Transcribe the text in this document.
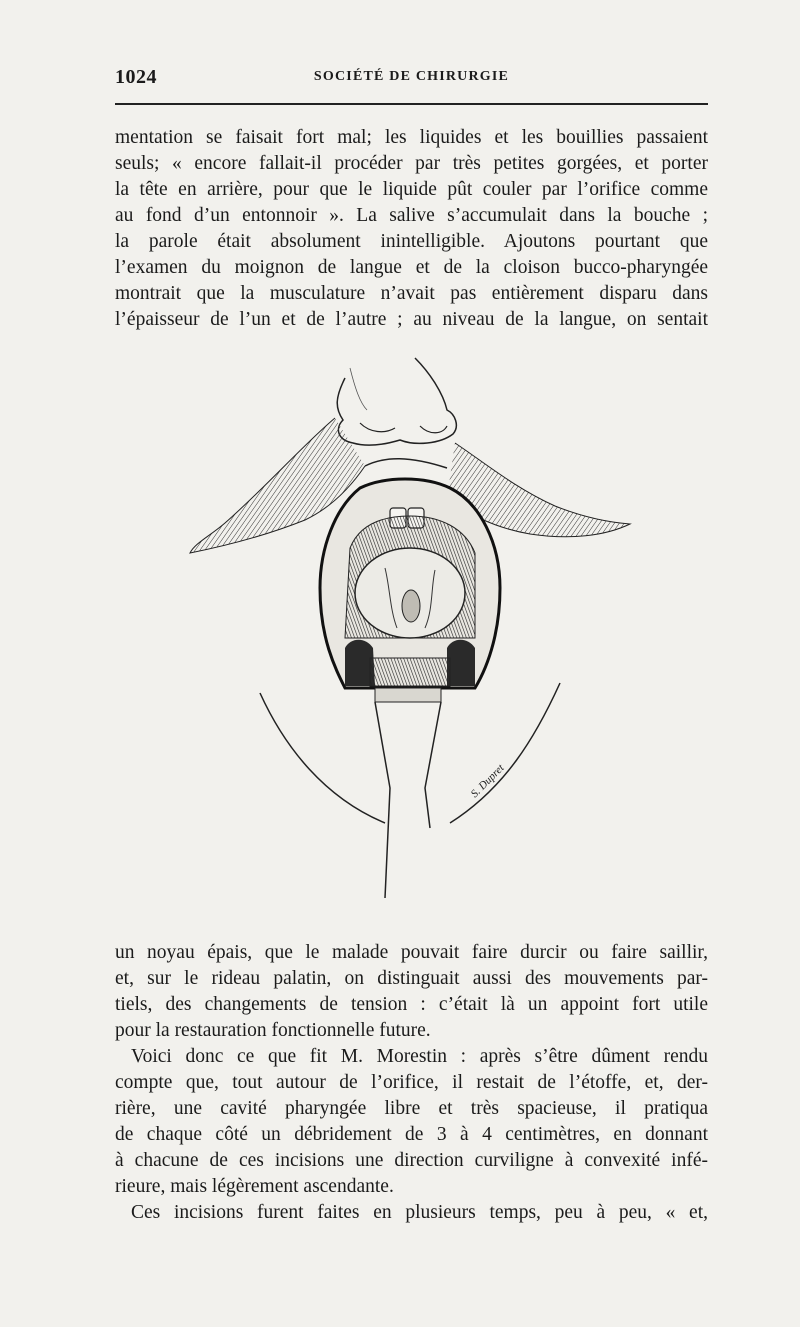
1024	SOCIÉTÉ DE CHIRURGIE
mentation se faisait fort mal; les liquides et les bouillies passaient
seuls; « encore fallait-il procéder par très petites gorgées, et porter
la tête en arrière, pour que le liquide pût couler par l’orifice comme
au fond d’un entonnoir ». La salive s’accumulait dans la bouche ;
la parole était absolument inintelligible. Ajoutons pourtant que
l’examen du moignon de langue et de la cloison bucco-pharyngée
montrait que la musculature n’avait pas entièrement disparu dans
l’épaisseur de l’un et de l’autre ; au niveau de la langue, on sentait
S. Dupret
un noyau épais, que le malade pouvait faire durcir ou faire saillir,
et, sur le rideau palatin, on distinguait aussi des mouvements par-
tiels, des changements de tension : c’était là un appoint fort utile
pour la restauration fonctionnelle future.
Voici donc ce que fit M. Morestin : après s’être dûment rendu
compte que, tout autour de l’orifice, il restait de l’étoffe, et, der-
rière, une cavité pharyngée libre et très spacieuse, il pratiqua
de chaque côté un débridement de 3 à 4 centimètres, en donnant
à chacune de ces incisions une direction curviligne à convexité infé-
rieure, mais légèrement ascendante.
Ces incisions furent faites en plusieurs temps, peu à peu, « et,
